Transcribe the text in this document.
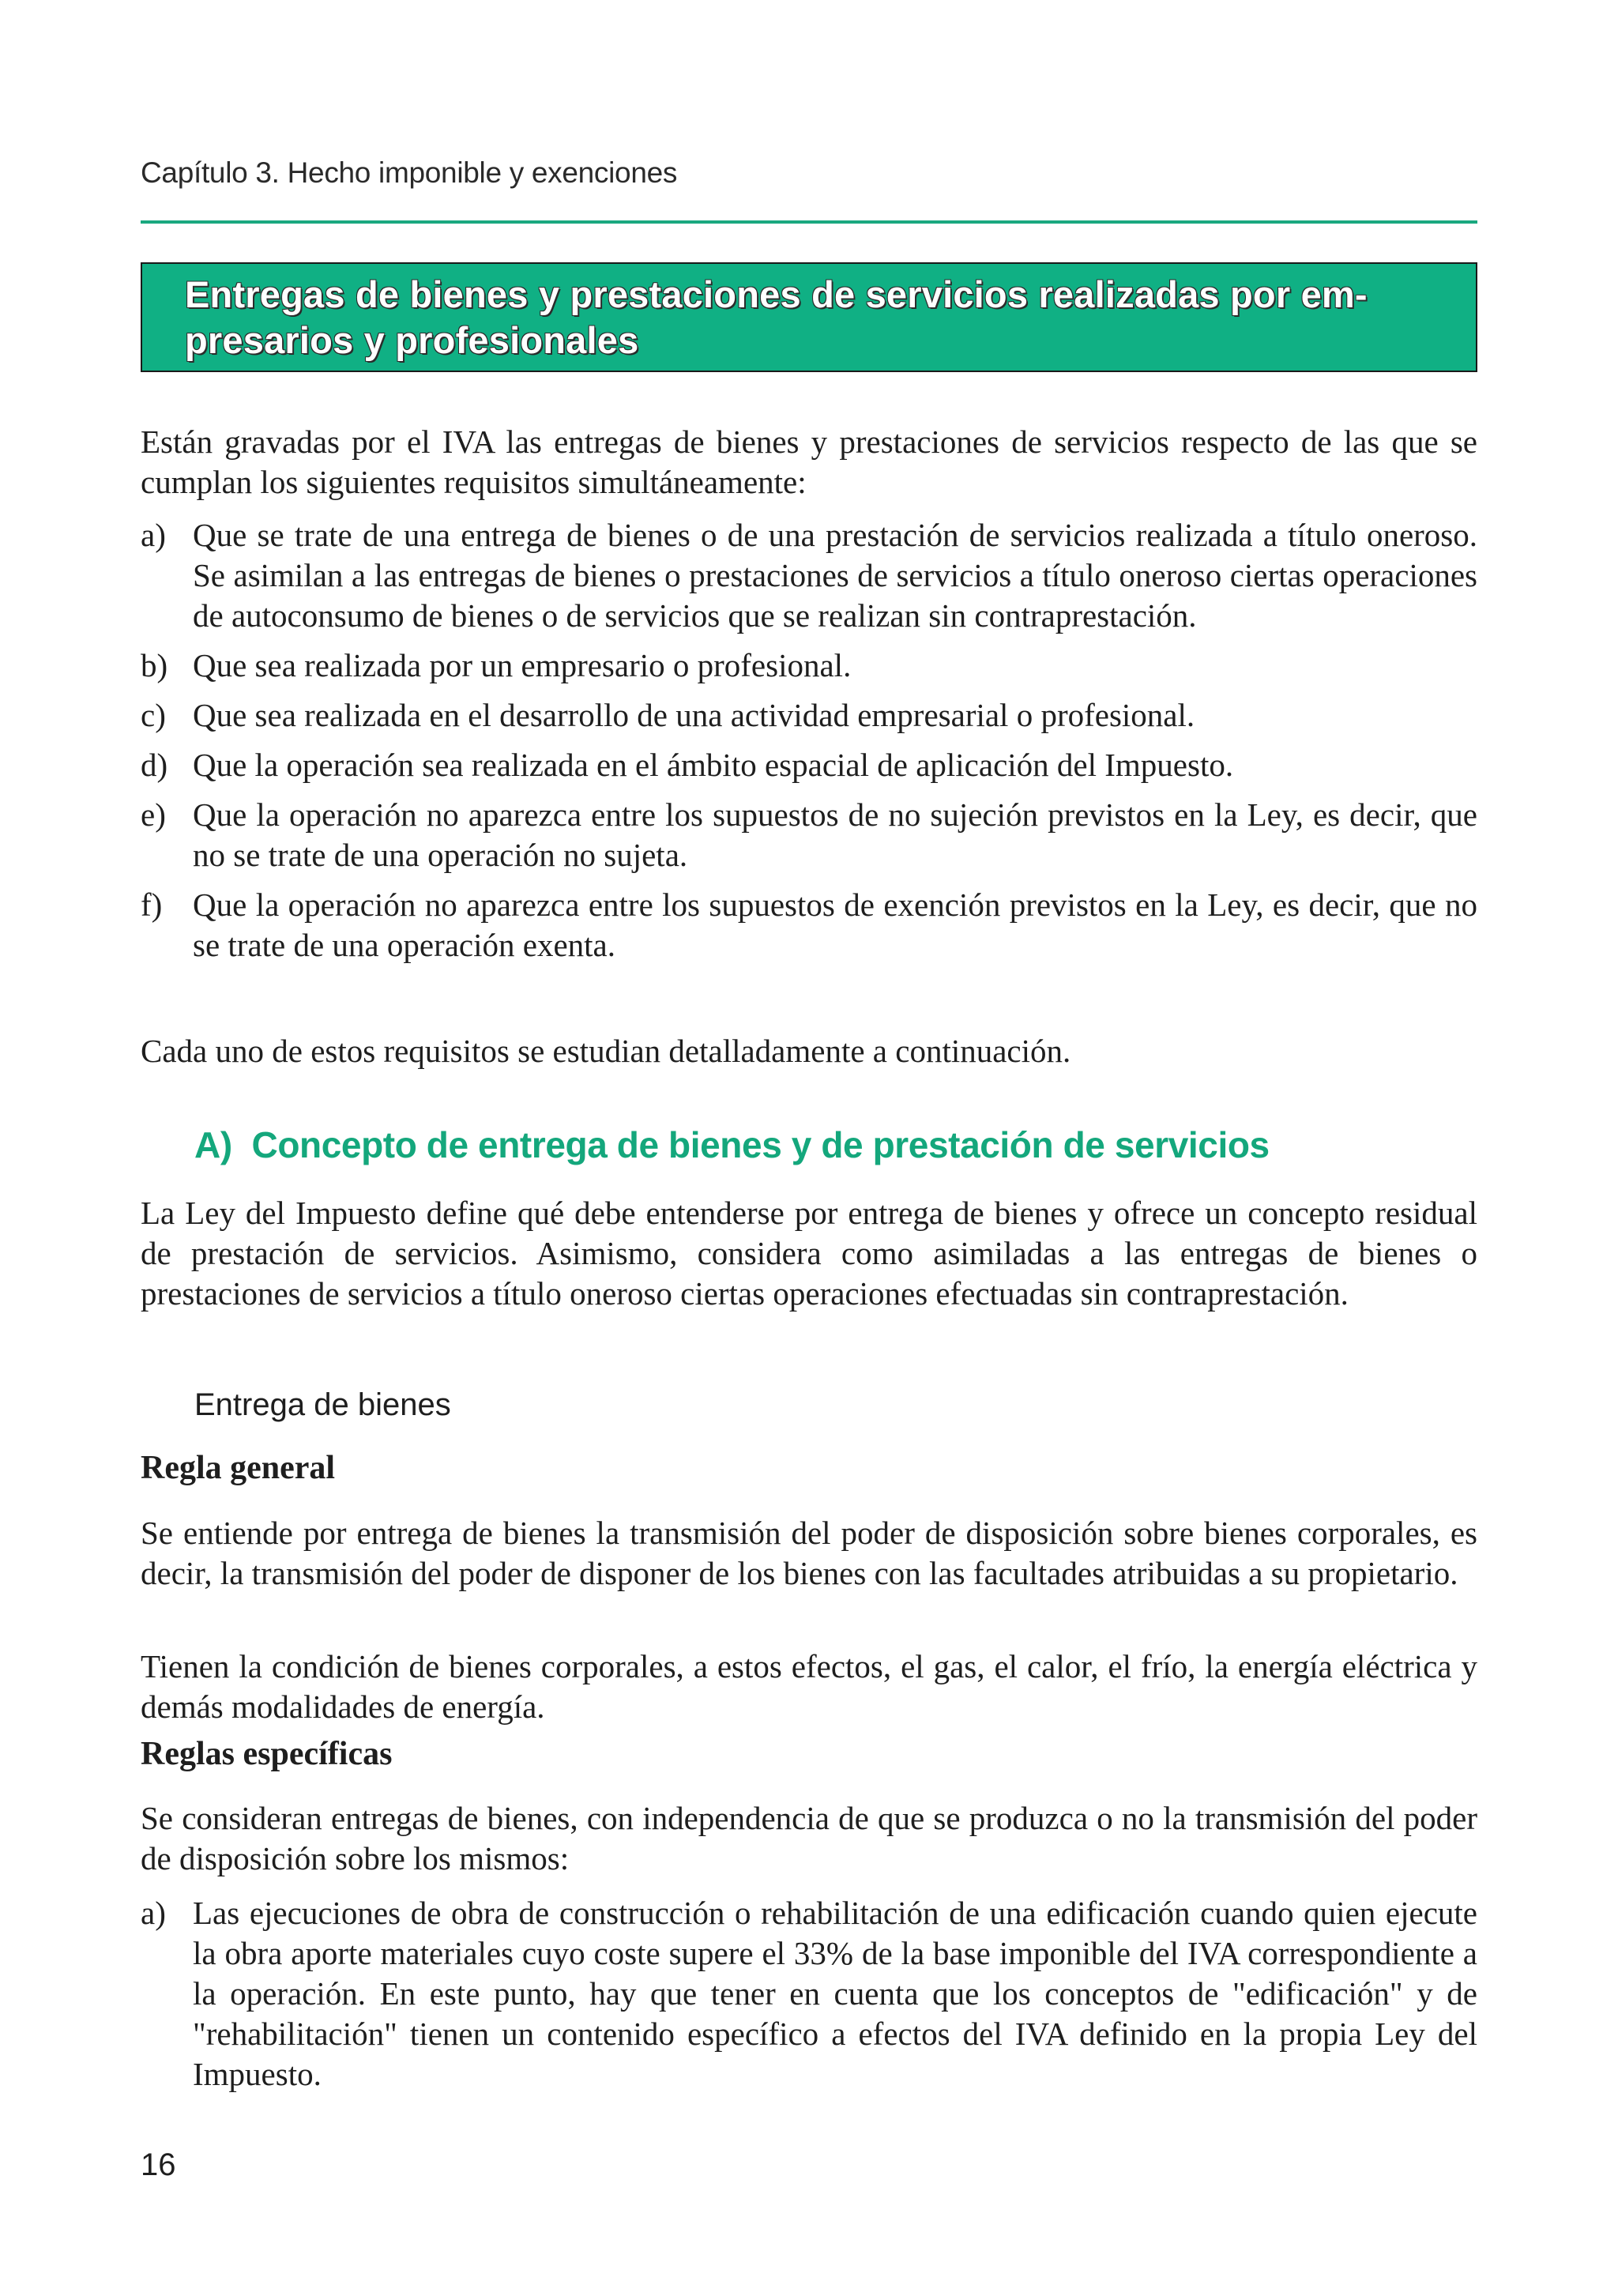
Capítulo 3. Hecho imponible y exenciones
Entregas de bienes y prestaciones de servicios realizadas por empresarios y profesionales

Están gravadas por el IVA las entregas de bienes y prestaciones de servicios respecto de las que se cumplan los siguientes requisitos simultáneamente:

a) Que se trate de una entrega de bienes o de una prestación de servicios realizada a título oneroso. Se asimilan a las entregas de bienes o prestaciones de servicios a título oneroso ciertas operaciones de autoconsumo de bienes o de servicios que se realizan sin contraprestación.
b) Que sea realizada por un empresario o profesional.
c) Que sea realizada en el desarrollo de una actividad empresarial o profesional.
d) Que la operación sea realizada en el ámbito espacial de aplicación del Impuesto.
e) Que la operación no aparezca entre los supuestos de no sujeción previstos en la Ley, es decir, que no se trate de una operación no sujeta.
f) Que la operación no aparezca entre los supuestos de exención previstos en la Ley, es decir, que no se trate de una operación exenta.

Cada uno de estos requisitos se estudian detalladamente a continuación.

A)  Concepto de entrega de bienes y de prestación de servicios

La Ley del Impuesto define qué debe entenderse por entrega de bienes y ofrece un concepto residual de prestación de servicios. Asimismo, considera como asimiladas a las entregas de bienes o prestaciones de servicios a título oneroso ciertas operaciones efectuadas sin contraprestación.

Entrega de bienes
Regla general

Se entiende por entrega de bienes la transmisión del poder de disposición sobre bienes corporales, es decir, la transmisión del poder de disponer de los bienes con las facultades atribuidas a su propietario.

Tienen la condición de bienes corporales, a estos efectos, el gas, el calor, el frío, la energía eléctrica y demás modalidades de energía.

Reglas específicas

Se consideran entregas de bienes, con independencia de que se produzca o no la transmisión del poder de disposición sobre los mismos:

a) Las ejecuciones de obra de construcción o rehabilitación de una edificación cuando quien ejecute la obra aporte materiales cuyo coste supere el 33% de la base imponible del IVA correspondiente a la operación. En este punto, hay que tener en cuenta que los conceptos de "edificación" y de "rehabilitación" tienen un contenido específico a efectos del IVA definido en la propia Ley del Impuesto.
16
